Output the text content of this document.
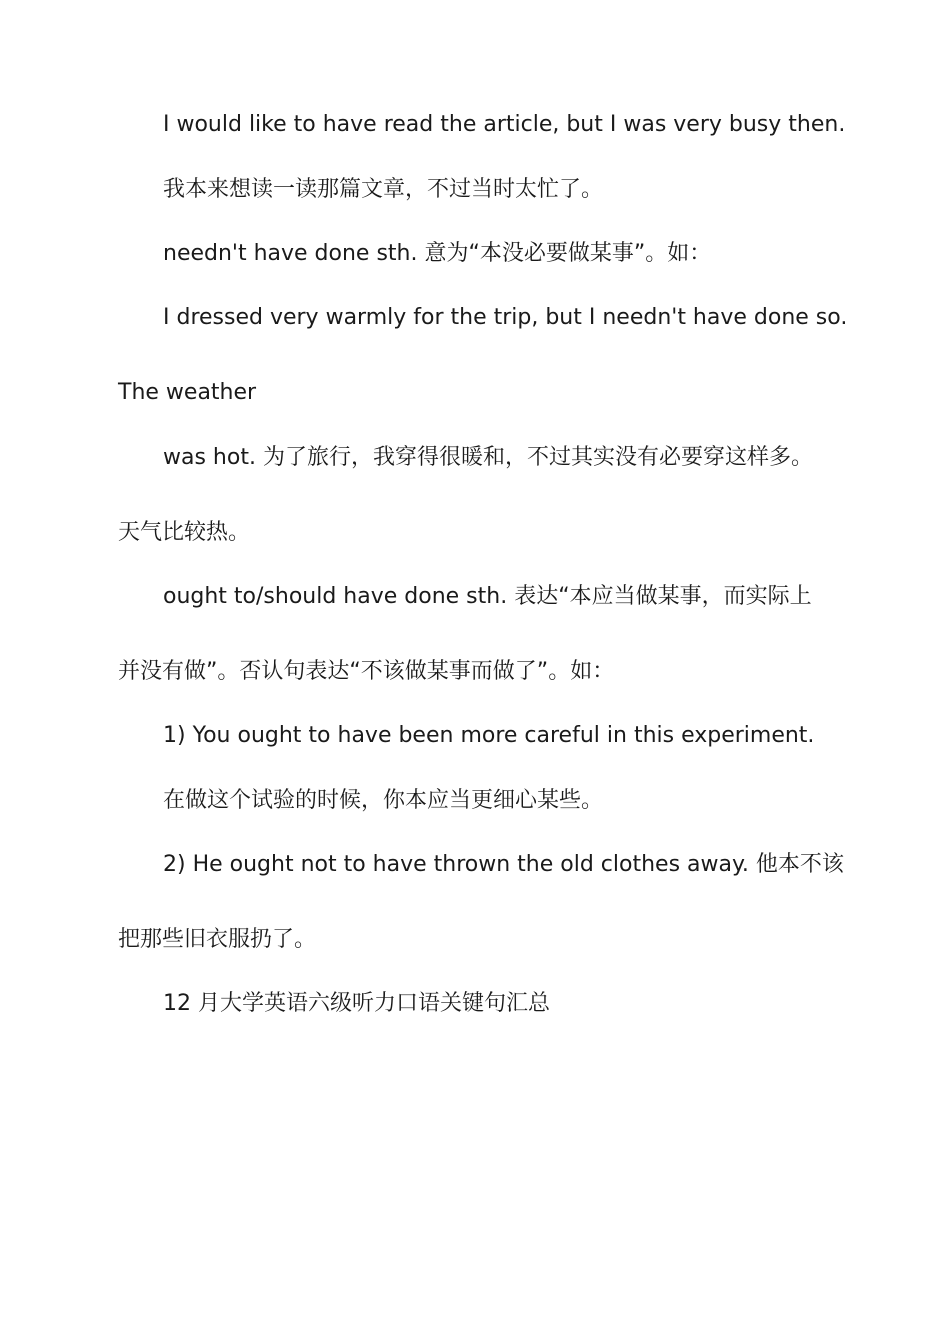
I would like to have read the article, but I was very busy then.
我本来想读一读那篇文章，不过当时太忙了。
needn't have done sth. 意为“本没必要做某事”。如：
I dressed very warmly for the trip, but I needn't have done so.
The weather
was hot. 为了旅行，我穿得很暖和，不过其实没有必要穿这样多。
天气比较热。
ought to/should have done sth. 表达“本应当做某事，而实际上
并没有做”。否认句表达“不该做某事而做了”。如：
1) You ought to have been more careful in this experiment.
在做这个试验的时候，你本应当更细心某些。
2) He ought not to have thrown the old clothes away. 他本不该
把那些旧衣服扔了。
12 月大学英语六级听力口语关键句汇总
